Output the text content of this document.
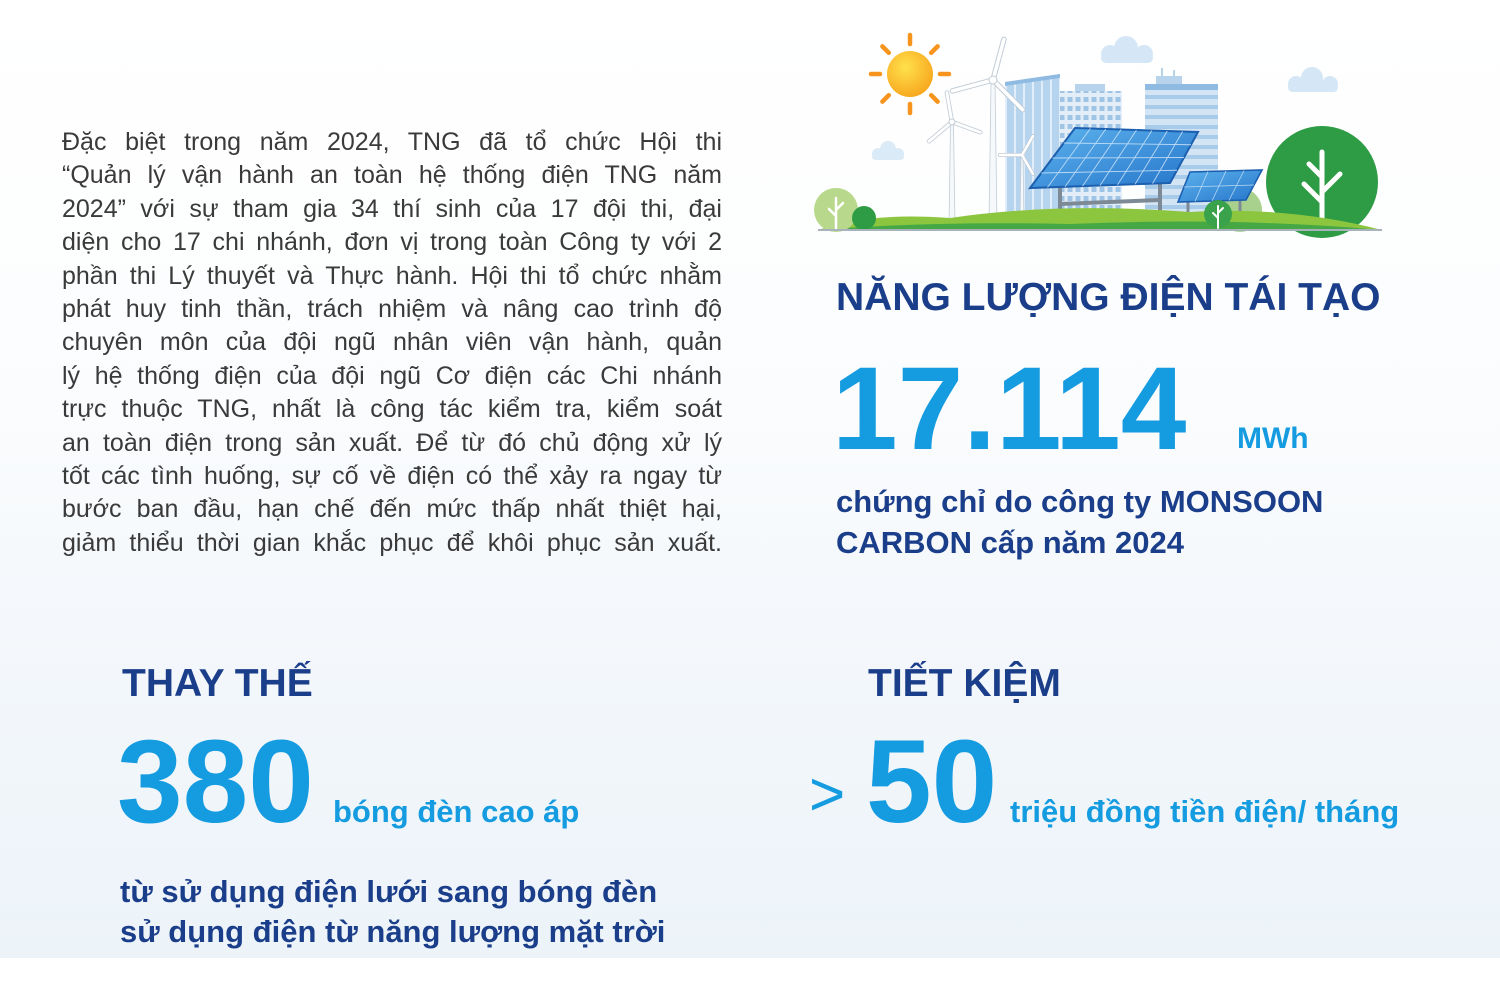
Đặc biệt trong năm 2024, TNG đã tổ chức Hội thi
“Quản lý vận hành an toàn hệ thống điện TNG năm
2024” với sự tham gia 34 thí sinh của 17 đội thi, đại
diện cho 17 chi nhánh, đơn vị trong toàn Công ty với 2
phần thi Lý thuyết và Thực hành. Hội thi tổ chức nhằm
phát huy tinh thần, trách nhiệm và nâng cao trình độ
chuyên môn của đội ngũ nhân viên vận hành, quản
lý hệ thống điện của đội ngũ Cơ điện các Chi nhánh
trực thuộc TNG, nhất là công tác kiểm tra, kiểm soát
an toàn điện trong sản xuất. Để từ đó chủ động xử lý
tốt các tình huống, sự cố về điện có thể xảy ra ngay từ
bước ban đầu, hạn chế đến mức thấp nhất thiệt hại,
giảm thiểu thời gian khắc phục để khôi phục sản xuất.
NĂNG LƯỢNG ĐIỆN TÁI TẠO
17.114 MWh
chứng chỉ do công ty MONSOON
CARBON cấp năm 2024
THAY THẾ
380 bóng đèn cao áp
từ sử dụng điện lưới sang bóng đèn
sử dụng điện từ năng lượng mặt trời
TIẾT KIỆM
> 50 triệu đồng tiền điện/ tháng
